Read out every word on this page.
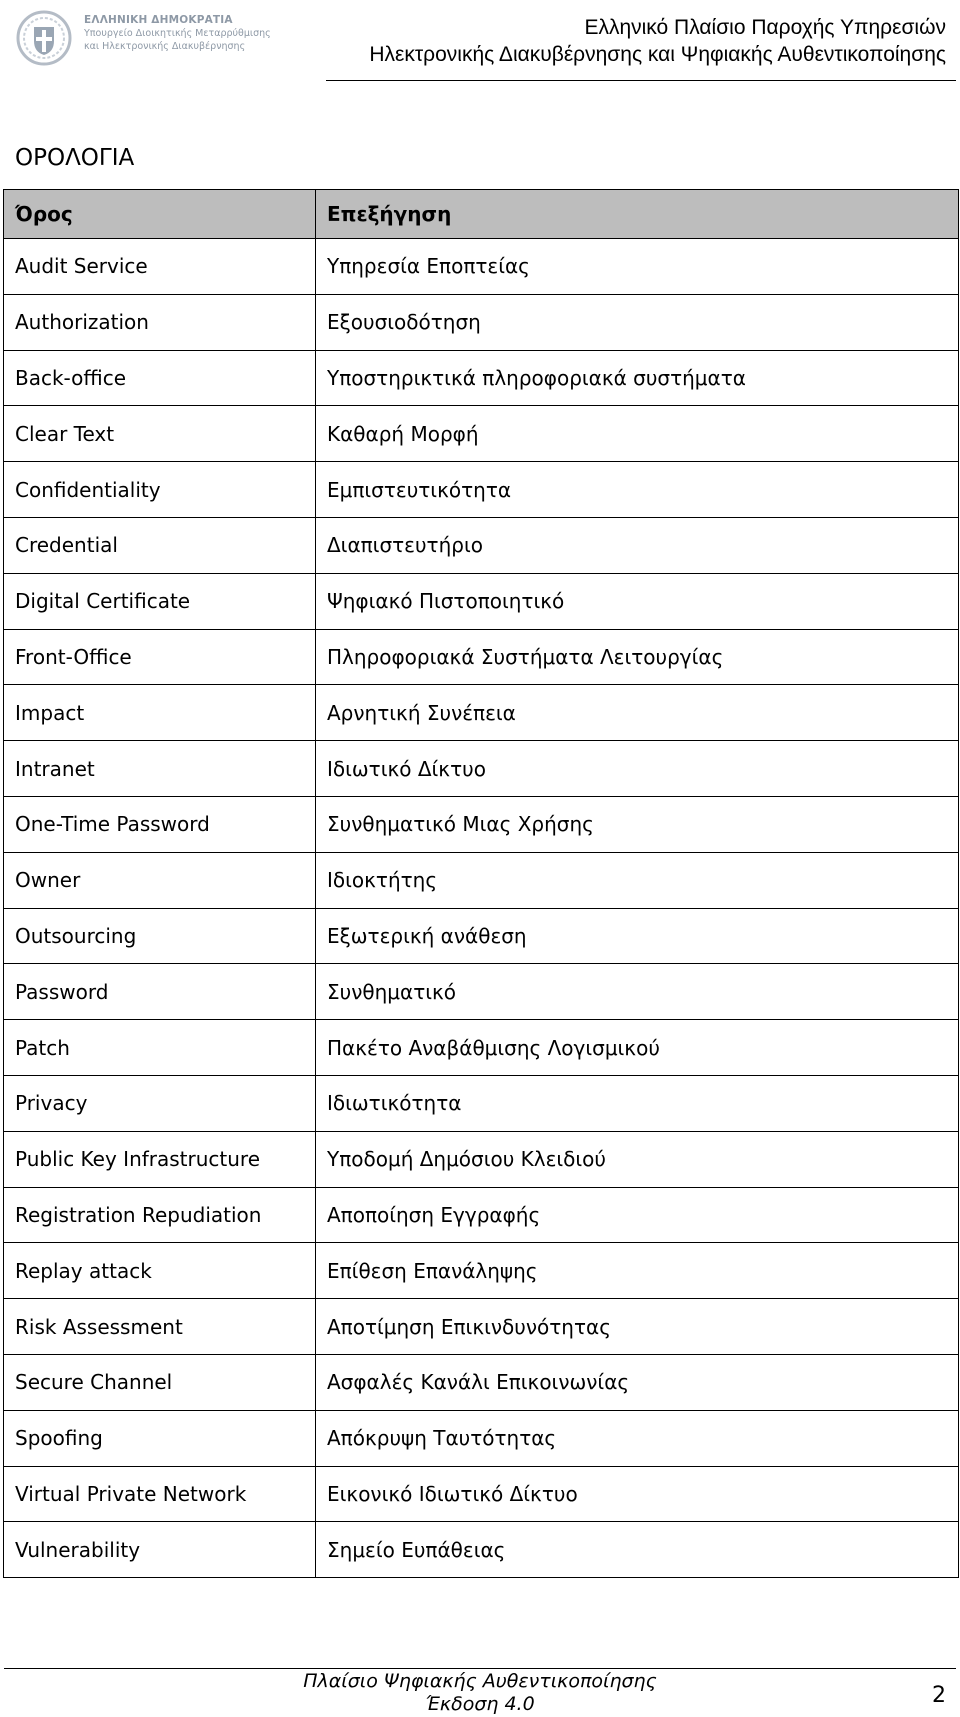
ΕΛΛΗΝΙΚΗ ΔΗΜΟΚΡΑΤΙΑ
Υπουργείο Διοικητικής Μεταρρύθμισης
και Ηλεκτρονικής Διακυβέρνησης
Ελληνικό Πλαίσιο Παροχής Υπηρεσιών
Ηλεκτρονικής Διακυβέρνησης και Ψηφιακής Αυθεντικοποίησης
ΟΡΟΛΟΓΙΑ
Όρος	Επεξήγηση
Audit Service	Υπηρεσία Εποπτείας
Authorization	Εξουσιοδότηση
Back-office	Υποστηρικτικά πληροφοριακά συστήματα
Clear Text	Καθαρή Μορφή
Confidentiality	Εμπιστευτικότητα
Credential	Διαπιστευτήριο
Digital Certificate	Ψηφιακό Πιστοποιητικό
Front-Office	Πληροφοριακά Συστήματα Λειτουργίας
Impact	Αρνητική Συνέπεια
Intranet	Ιδιωτικό Δίκτυο
One-Time Password	Συνθηματικό Μιας Χρήσης
Owner	Ιδιοκτήτης
Outsourcing	Εξωτερική ανάθεση
Password	Συνθηματικό
Patch	Πακέτο Αναβάθμισης Λογισμικού
Privacy	Ιδιωτικότητα
Public Key Infrastructure	Υποδομή Δημόσιου Κλειδιού
Registration Repudiation	Αποποίηση Εγγραφής
Replay attack	Επίθεση Επανάληψης
Risk Assessment	Αποτίμηση Επικινδυνότητας
Secure Channel	Ασφαλές Κανάλι Επικοινωνίας
Spoofing	Απόκρυψη Ταυτότητας
Virtual Private Network	Εικονικό Ιδιωτικό Δίκτυο
Vulnerability	Σημείο Ευπάθειας
Πλαίσιο Ψηφιακής Αυθεντικοποίησης
Έκδοση 4.0	2
